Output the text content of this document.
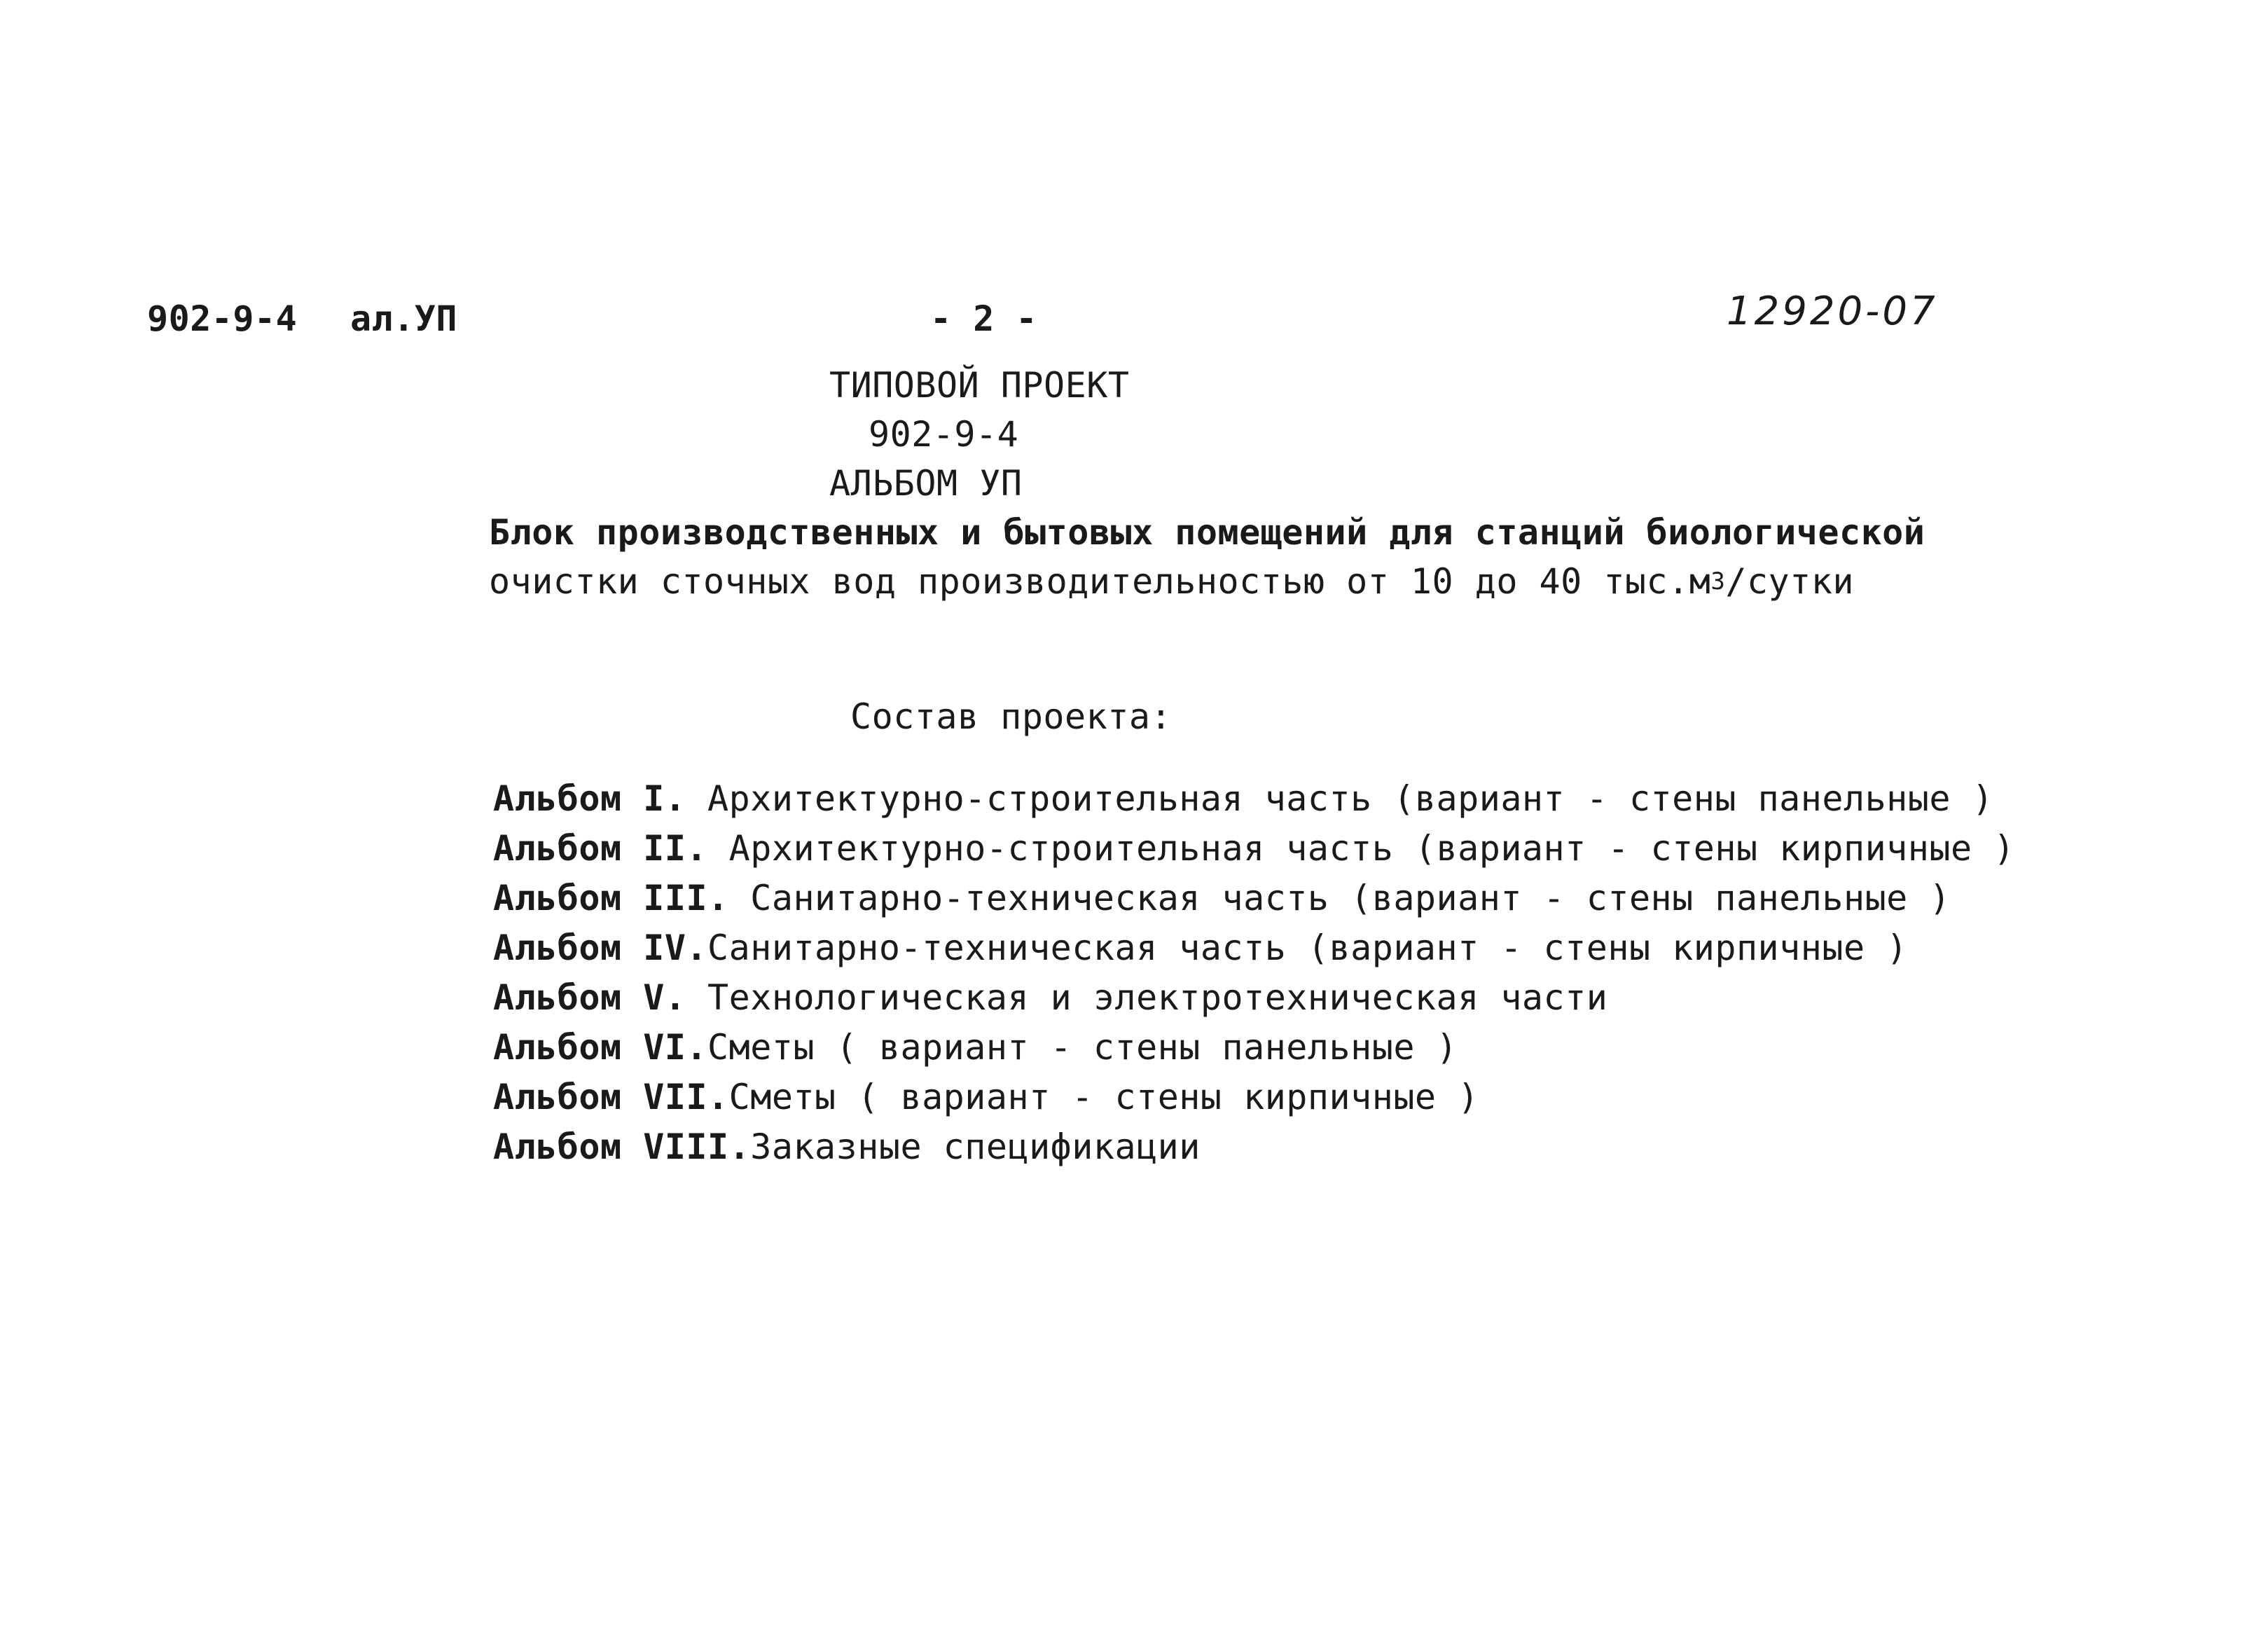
902-9-4 ал.УП	- 2 -	12920-07
ТИПОВОЙ ПРОЕКТ
902-9-4
АЛЬБОМ УП
Блок производственных и бытовых помещений для станций биологической
очистки сточных вод производительностью от 10 до 40 $тыс.м^3$/сутки
Состав проекта:
Альбом I. Архитектурно-строительная часть (вариант - стены панельные )
Альбом II. Архитектурно-строительная часть (вариант - стены кирпичные )
Альбом III. Санитарно-техническая часть (вариант - стены панельные )
Альбом IV.Санитарно-техническая часть (вариант - стены кирпичные )
Альбом V. Технологическая и электротехническая части
Альбом VI.Сметы ( вариант - стены панельные )
Альбом VII.Сметы ( вариант - стены кирпичные )
Альбом VIII.Заказные спецификации
